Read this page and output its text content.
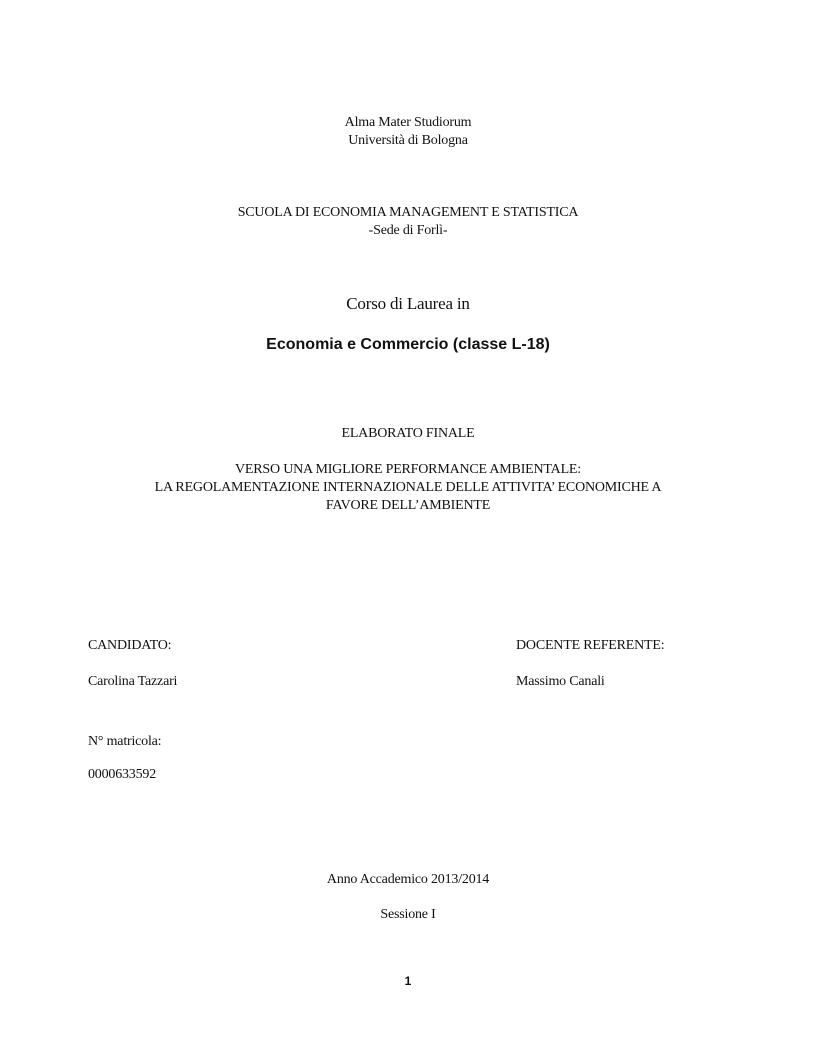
Alma Mater Studiorum
Università di Bologna
SCUOLA DI ECONOMIA MANAGEMENT E STATISTICA
-Sede di Forlì-
Corso di Laurea in
Economia e Commercio (classe L-18)
ELABORATO FINALE
VERSO UNA MIGLIORE PERFORMANCE AMBIENTALE:
LA REGOLAMENTAZIONE INTERNAZIONALE DELLE ATTIVITA’ ECONOMICHE A
FAVORE DELL’AMBIENTE
CANDIDATO:	DOCENTE REFERENTE:
Carolina Tazzari	Massimo Canali
N° matricola:
0000633592
Anno Accademico 2013/2014
Sessione I
1
